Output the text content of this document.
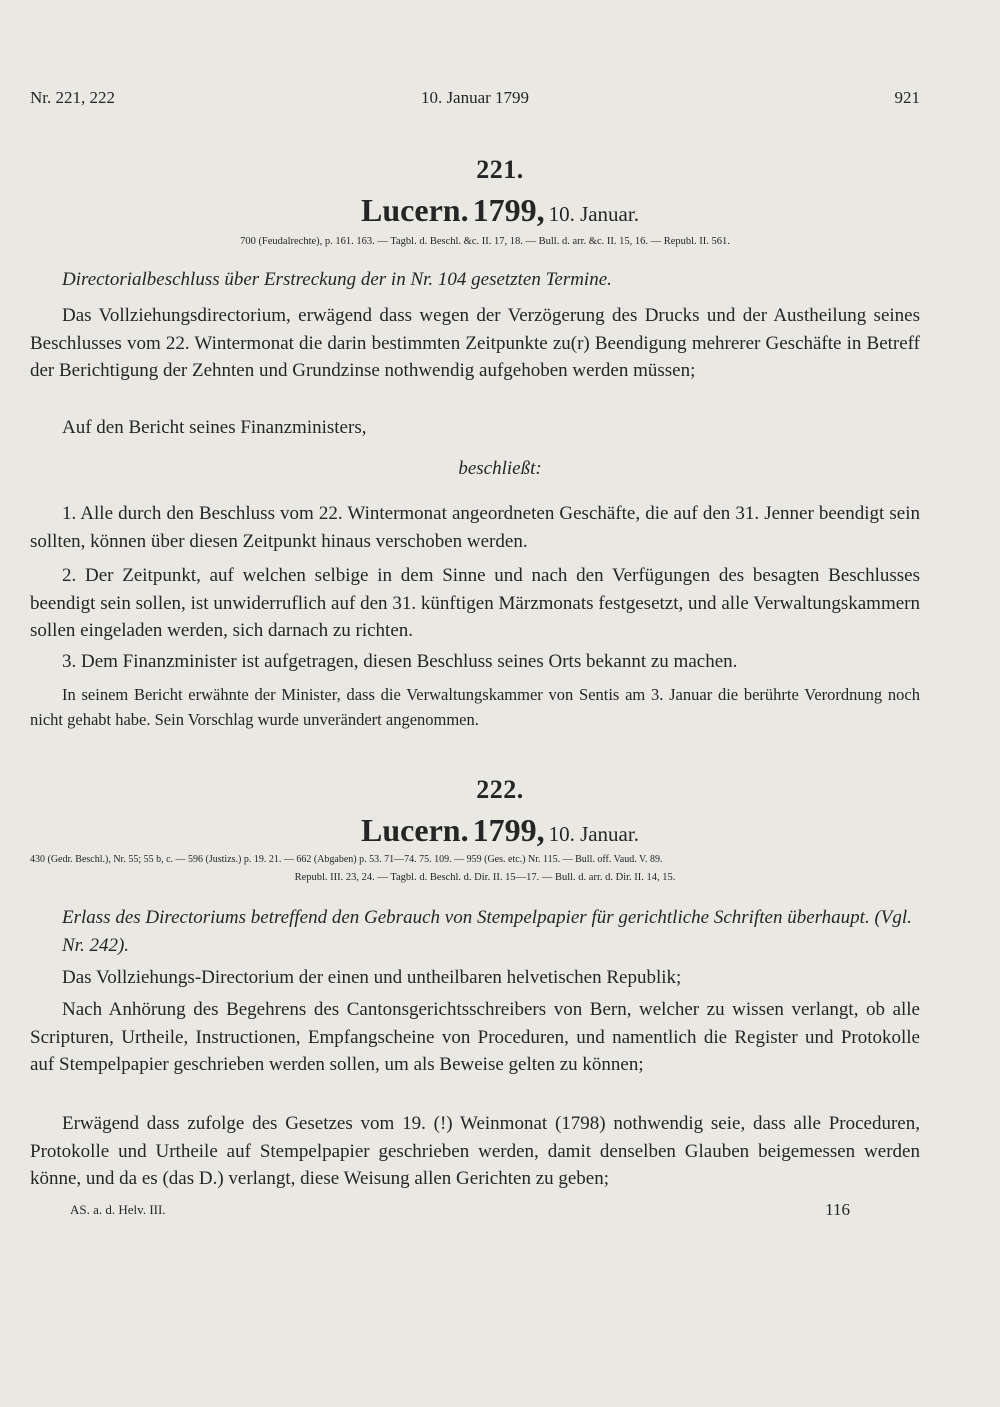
Nr. 221, 222	10. Januar 1799	921
221.
Lucern. 1799, 10. Januar.
700 (Feudalrechte), p. 161. 163. — Tagbl. d. Beschl. &c. II. 17, 18. — Bull. d. arr. &c. II. 15, 16. — Republ. II. 561.
Directorialbeschluss über Erstreckung der in Nr. 104 gesetzten Termine.
Das Vollziehungsdirectorium, erwägend dass wegen der Verzögerung des Drucks und der Austheilung seines Beschlusses vom 22. Wintermonat die darin bestimmten Zeitpunkte zu(r) Beendigung mehrerer Geschäfte in Betreff der Berichtigung der Zehnten und Grundzinse nothwendig aufgehoben werden müssen;
Auf den Bericht seines Finanzministers,
beschließt:
1. Alle durch den Beschluss vom 22. Wintermonat angeordneten Geschäfte, die auf den 31. Jenner beendigt sein sollten, können über diesen Zeitpunkt hinaus verschoben werden.
2. Der Zeitpunkt, auf welchen selbige in dem Sinne und nach den Verfügungen des besagten Beschlusses beendigt sein sollen, ist unwiderruflich auf den 31. künftigen Märzmonats festgesetzt, und alle Verwaltungskammern sollen eingeladen werden, sich darnach zu richten.
3. Dem Finanzminister ist aufgetragen, diesen Beschluss seines Orts bekannt zu machen.
In seinem Bericht erwähnte der Minister, dass die Verwaltungskammer von Sentis am 3. Januar die berührte Verordnung noch nicht gehabt habe. Sein Vorschlag wurde unverändert angenommen.
222.
Lucern. 1799, 10. Januar.
430 (Gedr. Beschl.), Nr. 55; 55 b, c. — 596 (Justizs.) p. 19. 21. — 662 (Abgaben) p. 53. 71—74. 75. 109. — 959 (Ges. etc.) Nr. 115. — Bull. off. Vaud. V. 89.
Republ. III. 23, 24. — Tagbl. d. Beschl. d. Dir. II. 15—17. — Bull. d. arr. d. Dir. II. 14, 15.
Erlass des Directoriums betreffend den Gebrauch von Stempelpapier für gerichtliche Schriften überhaupt. (Vgl. Nr. 242).
Das Vollziehungs-Directorium der einen und untheilbaren helvetischen Republik;
Nach Anhörung des Begehrens des Cantonsgerichtsschreibers von Bern, welcher zu wissen verlangt, ob alle Scripturen, Urtheile, Instructionen, Empfangscheine von Proceduren, und namentlich die Register und Protokolle auf Stempelpapier geschrieben werden sollen, um als Beweise gelten zu können;
Erwägend dass zufolge des Gesetzes vom 19. (!) Weinmonat (1798) nothwendig seie, dass alle Proceduren, Protokolle und Urtheile auf Stempelpapier geschrieben werden, damit denselben Glauben beigemessen werden könne, und da es (das D.) verlangt, diese Weisung allen Gerichten zu geben;
AS. a. d. Helv. III.	116
